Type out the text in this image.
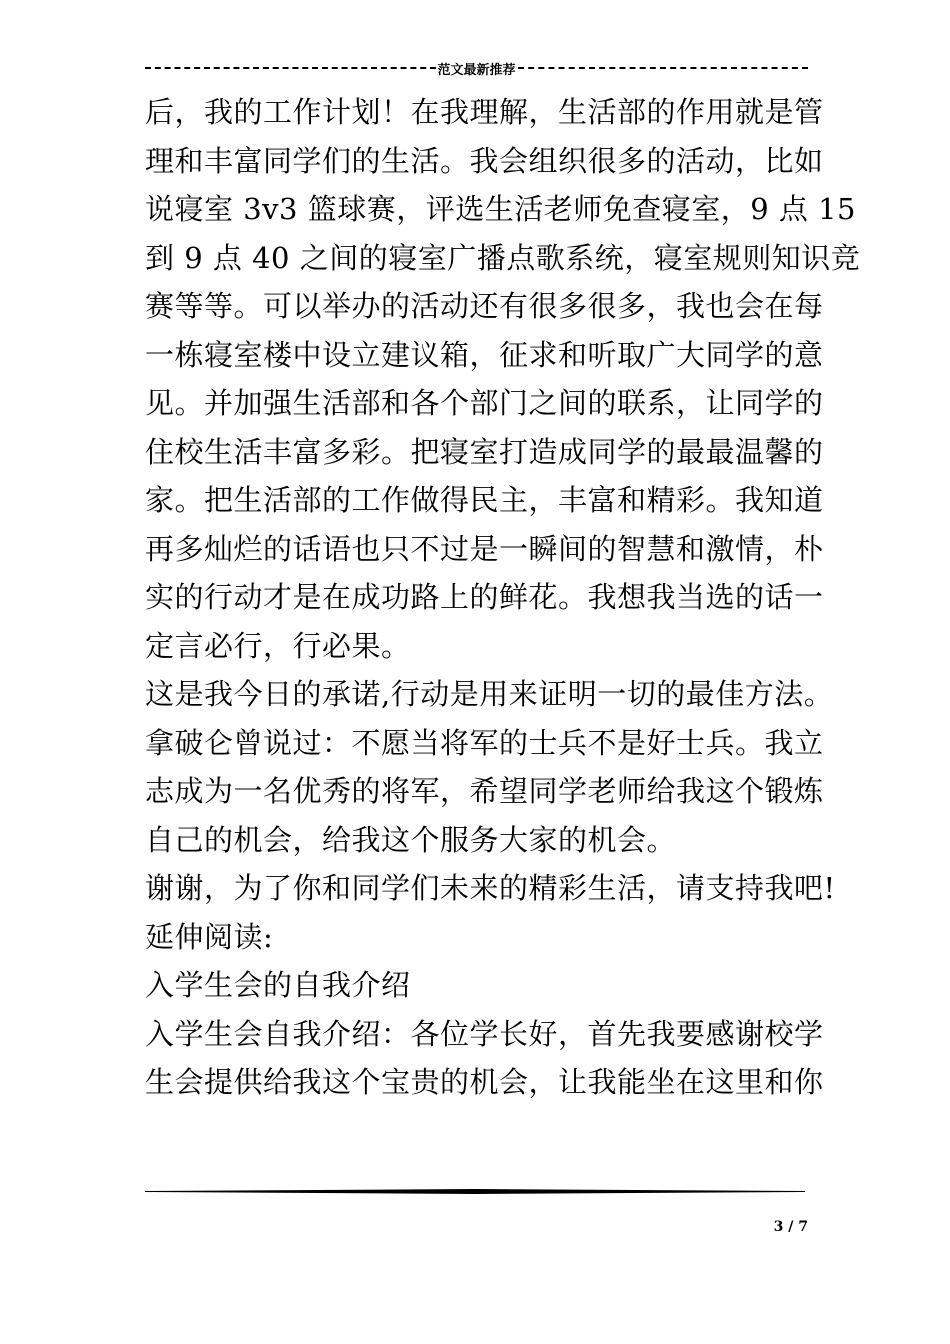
范文最新推荐
后，我的工作计划！在我理解，生活部的作用就是管
理和丰富同学们的生活。我会组织很多的活动，比如
说寝室 3v3 篮球赛，评选生活老师免查寝室，9 点 15
到 9 点 40 之间的寝室广播点歌系统，寝室规则知识竞
赛等等。可以举办的活动还有很多很多，我也会在每
一栋寝室楼中设立建议箱，征求和听取广大同学的意
见。并加强生活部和各个部门之间的联系，让同学的
住校生活丰富多彩。把寝室打造成同学的最最温馨的
家。把生活部的工作做得民主，丰富和精彩。我知道
再多灿烂的话语也只不过是一瞬间的智慧和激情，朴
实的行动才是在成功路上的鲜花。我想我当选的话一
定言必行，行必果。
这是我今日的承诺,行动是用来证明一切的最佳方法。
拿破仑曾说过：不愿当将军的士兵不是好士兵。我立
志成为一名优秀的将军，希望同学老师给我这个锻炼
自己的机会，给我这个服务大家的机会。
谢谢，为了你和同学们未来的精彩生活，请支持我吧!
延伸阅读:
入学生会的自我介绍
入学生会自我介绍：各位学长好，首先我要感谢校学
生会提供给我这个宝贵的机会，让我能坐在这里和你
3 / 7
